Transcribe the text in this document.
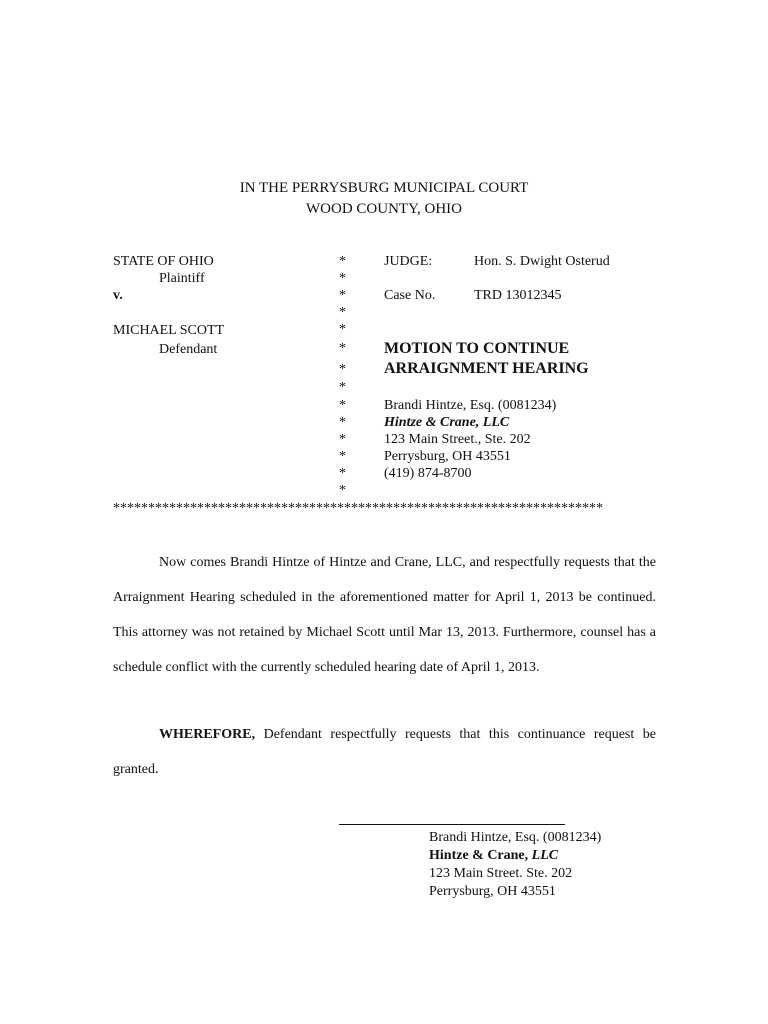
IN THE PERRYSBURG MUNICIPAL COURT
WOOD COUNTY, OHIO
STATE OF OHIO
Plaintiff
v.
MICHAEL SCOTT
Defendant
*
*
*
*
*
*
*
*
*
*
*
*
*
*
JUDGE:	Hon. S. Dwight Osterud
Case No.	TRD 13012345
MOTION TO CONTINUE
ARRAIGNMENT HEARING
Brandi Hintze, Esq. (0081234)
Hintze & Crane, LLC
123 Main Street., Ste. 202
Perrysburg, OH 43551
(419) 874-8700
**********************************************************************
Now comes Brandi Hintze of Hintze and Crane, LLC, and respectfully requests that the Arraignment Hearing scheduled in the aforementioned matter for April 1, 2013 be continued. This attorney was not retained by Michael Scott until Mar 13, 2013. Furthermore, counsel has a schedule conflict with the currently scheduled hearing date of April 1, 2013.
WHEREFORE, Defendant respectfully requests that this continuance request be granted.
Brandi Hintze, Esq. (0081234)
Hintze & Crane, LLC
123 Main Street. Ste. 202
Perrysburg, OH 43551
